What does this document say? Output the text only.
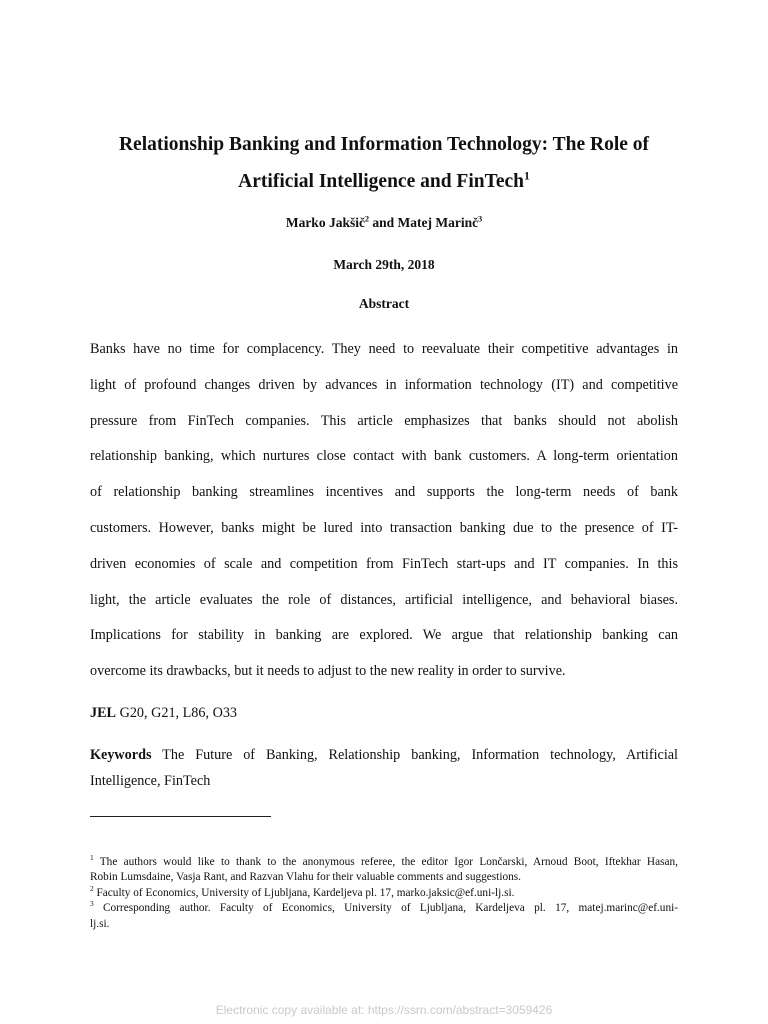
Relationship Banking and Information Technology: The Role of
Artificial Intelligence and FinTech$^1$
Marko Jakšič$^2$ and Matej Marinč$^3$
March 29th, 2018
Abstract
Banks have no time for complacency. They need to reevaluate their competitive advantages in
light of profound changes driven by advances in information technology (IT) and competitive
pressure from FinTech companies. This article emphasizes that banks should not abolish
relationship banking, which nurtures close contact with bank customers. A long-term orientation
of relationship banking streamlines incentives and supports the long-term needs of bank
customers. However, banks might be lured into transaction banking due to the presence of IT-
driven economies of scale and competition from FinTech start-ups and IT companies. In this
light, the article evaluates the role of distances, artificial intelligence, and behavioral biases.
Implications for stability in banking are explored. We argue that relationship banking can
overcome its drawbacks, but it needs to adjust to the new reality in order to survive.
JEL G20, G21, L86, O33
Keywords The Future of Banking, Relationship banking, Information technology, Artificial
Intelligence, FinTech
$^1$ The authors would like to thank to the anonymous referee, the editor Igor Lončarski, Arnoud Boot, Iftekhar Hasan,
Robin Lumsdaine, Vasja Rant, and Razvan Vlahu for their valuable comments and suggestions.
$^2$ Faculty of Economics, University of Ljubljana, Kardeljeva pl. 17, marko.jaksic@ef.uni-lj.si.
$^3$ Corresponding author. Faculty of Economics, University of Ljubljana, Kardeljeva pl. 17, matej.marinc@ef.uni-
lj.si.
Electronic copy available at: https://ssrn.com/abstract=3059426
